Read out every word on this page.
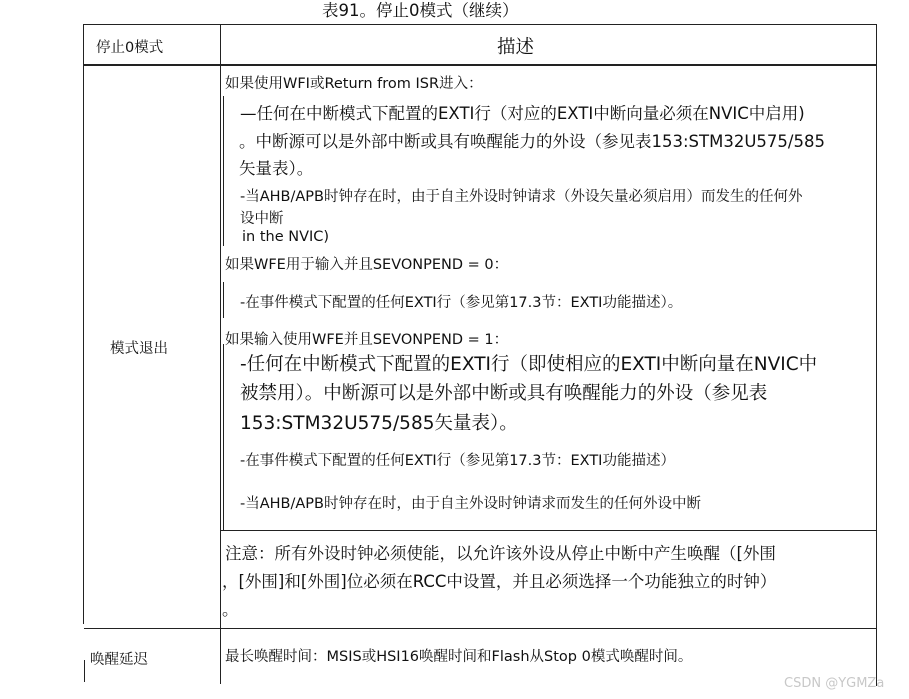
表91。停止0模式（继续）
停止0模式	描述
模式退出
如果使用WFI或Return from ISR进入：
—任何在中断模式下配置的EXTI行（对应的EXTI中断向量必须在NVIC中启用)
。中断源可以是外部中断或具有唤醒能力的外设（参见表153:STM32U575/585
矢量表）。
-当AHB/APB时钟存在时，由于自主外设时钟请求（外设矢量必须启用）而发生的任何外
设中断
in the NVIC)
如果WFE用于输入并且SEVONPEND = 0：
-在事件模式下配置的任何EXTI行（参见第17.3节：EXTI功能描述）。
如果输入使用WFE并且SEVONPEND = 1：
-任何在中断模式下配置的EXTI行（即使相应的EXTI中断向量在NVIC中
被禁用）。中断源可以是外部中断或具有唤醒能力的外设（参见表
153:STM32U575/585矢量表）。
-在事件模式下配置的任何EXTI行（参见第17.3节：EXTI功能描述）
-当AHB/APB时钟存在时，由于自主外设时钟请求而发生的任何外设中断
注意：所有外设时钟必须使能，以允许该外设从停止中断中产生唤醒（[外围
，[外围]和[外围]位必须在RCC中设置，并且必须选择一个功能独立的时钟）
。
唤醒延迟	最长唤醒时间：MSIS或HSI16唤醒时间和Flash从Stop 0模式唤醒时间。
CSDN @YGMZa
